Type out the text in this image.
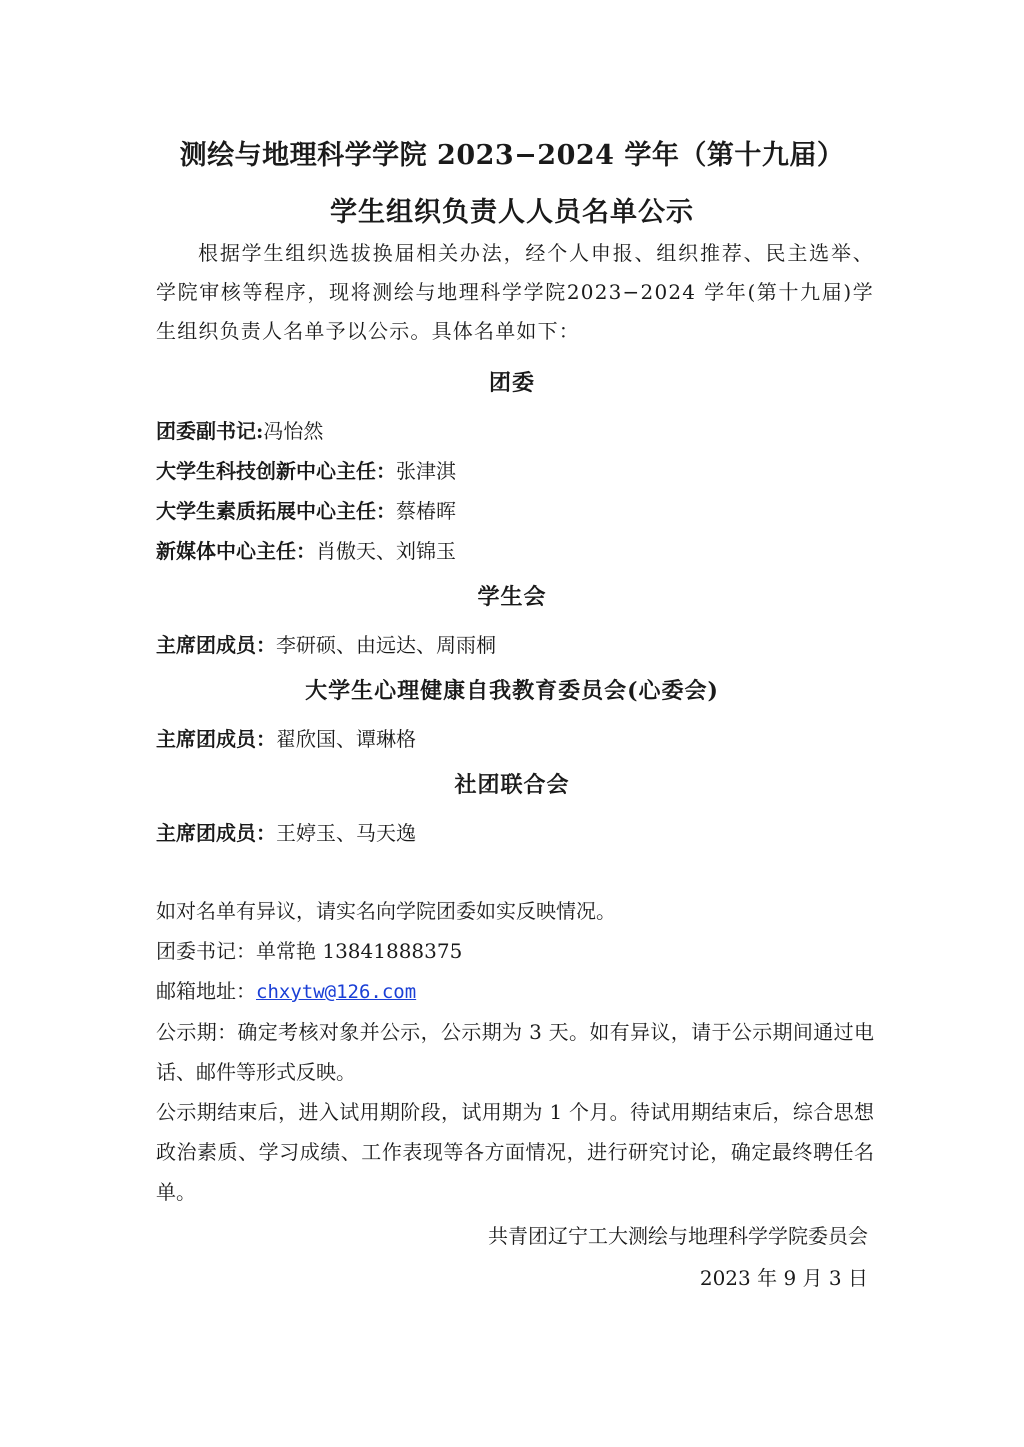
测绘与地理科学学院 2023−2024 学年（第十九届）
学生组织负责人人员名单公示
根据学生组织选拔换届相关办法，经个人申报、组织推荐、民主选举、学院审核等程序，现将测绘与地理科学学院2023−2024 学年(第十九届)学生组织负责人名单予以公示。具体名单如下：
团委
团委副书记:冯怡然
大学生科技创新中心主任：张津淇
大学生素质拓展中心主任：蔡椿晖
新媒体中心主任：肖傲天、刘锦玉
学生会
主席团成员：李研硕、由远达、周雨桐
大学生心理健康自我教育委员会(心委会)
主席团成员：翟欣国、谭琳格
社团联合会
主席团成员：王婷玉、马天逸
如对名单有异议，请实名向学院团委如实反映情况。
团委书记：单常艳 13841888375
邮箱地址：chxytw@126.com
公示期：确定考核对象并公示，公示期为 3 天。如有异议，请于公示期间通过电话、邮件等形式反映。
公示期结束后，进入试用期阶段，试用期为 1 个月。待试用期结束后，综合思想政治素质、学习成绩、工作表现等各方面情况，进行研究讨论，确定最终聘任名单。
共青团辽宁工大测绘与地理科学学院委员会
2023 年 9 月 3 日
